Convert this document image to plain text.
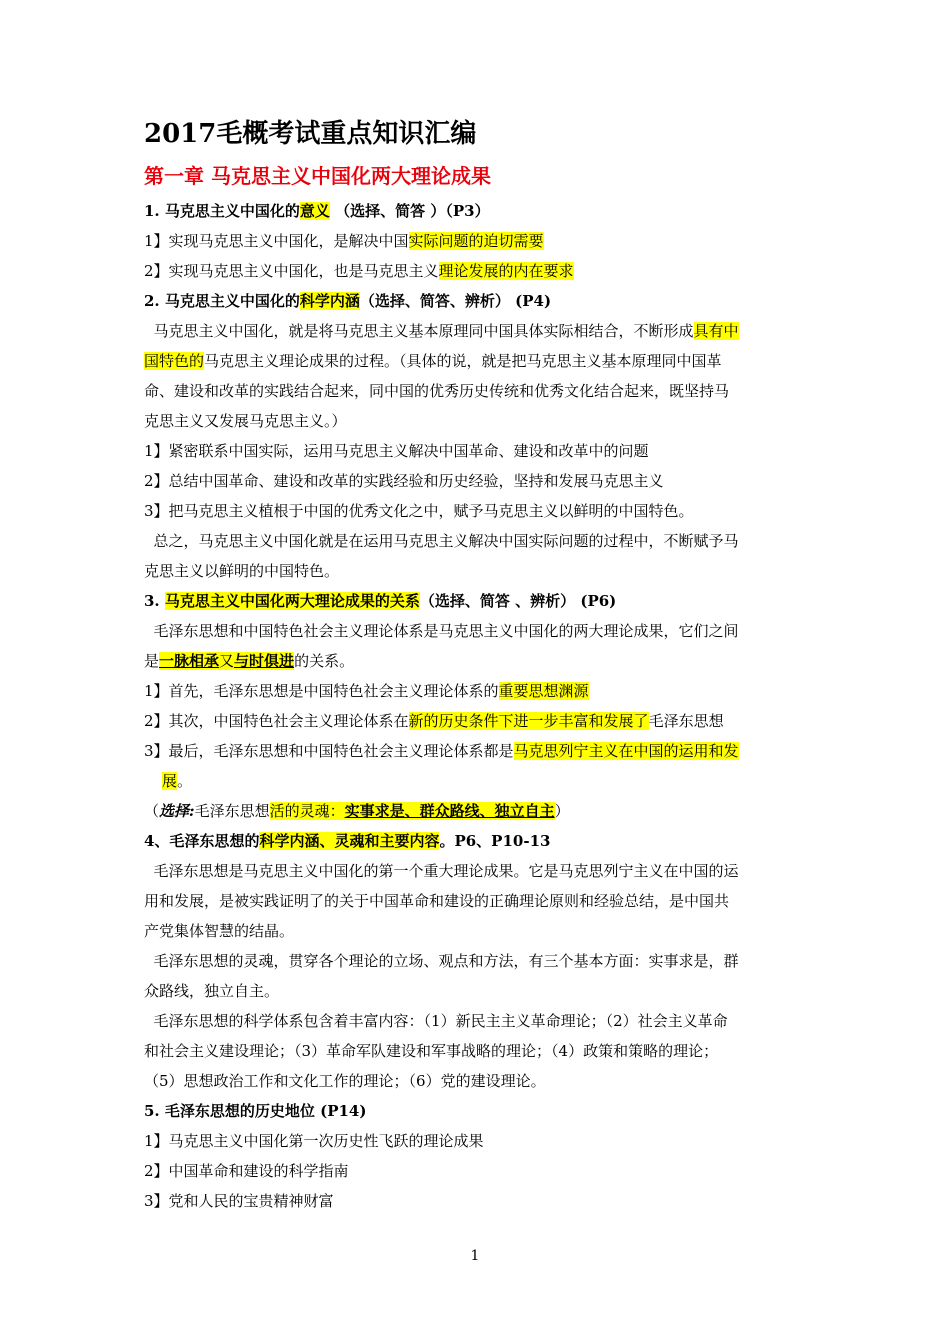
2017毛概考试重点知识汇编
第一章 马克思主义中国化两大理论成果
1. 马克思主义中国化的意义 （选择、简答 ）（P3）
1】实现马克思主义中国化，是解决中国实际问题的迫切需要
2】实现马克思主义中国化，也是马克思主义理论发展的内在要求
2. 马克思主义中国化的科学内涵（选择、简答、辨析） (P4)
马克思主义中国化，就是将马克思主义基本原理同中国具体实际相结合，不断形成具有中
国特色的马克思主义理论成果的过程。（具体的说，就是把马克思主义基本原理同中国革
命、建设和改革的实践结合起来，同中国的优秀历史传统和优秀文化结合起来，既坚持马
克思主义又发展马克思主义。）
1】紧密联系中国实际，运用马克思主义解决中国革命、建设和改革中的问题
2】总结中国革命、建设和改革的实践经验和历史经验，坚持和发展马克思主义
3】把马克思主义植根于中国的优秀文化之中，赋予马克思主义以鲜明的中国特色。
总之，马克思主义中国化就是在运用马克思主义解决中国实际问题的过程中，不断赋予马
克思主义以鲜明的中国特色。
3. 马克思主义中国化两大理论成果的关系（选择、简答 、辨析） (P6)
毛泽东思想和中国特色社会主义理论体系是马克思主义中国化的两大理论成果，它们之间
是一脉相承又与时俱进的关系。
1】首先，毛泽东思想是中国特色社会主义理论体系的重要思想渊源
2】其次，中国特色社会主义理论体系在新的历史条件下进一步丰富和发展了毛泽东思想
3】最后，毛泽东思想和中国特色社会主义理论体系都是马克思列宁主义在中国的运用和发
展。
（选择:毛泽东思想活的灵魂：实事求是、群众路线、独立自主）
4、毛泽东思想的科学内涵、灵魂和主要内容。P6、P10-13
毛泽东思想是马克思主义中国化的第一个重大理论成果。它是马克思列宁主义在中国的运
用和发展，是被实践证明了的关于中国革命和建设的正确理论原则和经验总结，是中国共
产党集体智慧的结晶。
毛泽东思想的灵魂，贯穿各个理论的立场、观点和方法，有三个基本方面：实事求是，群
众路线，独立自主。
毛泽东思想的科学体系包含着丰富内容：（1）新民主主义革命理论；（2）社会主义革命
和社会主义建设理论；（3）革命军队建设和军事战略的理论；（4）政策和策略的理论；
（5）思想政治工作和文化工作的理论；（6）党的建设理论。
5. 毛泽东思想的历史地位 (P14)
1】马克思主义中国化第一次历史性飞跃的理论成果
2】中国革命和建设的科学指南
3】党和人民的宝贵精神财富
1
